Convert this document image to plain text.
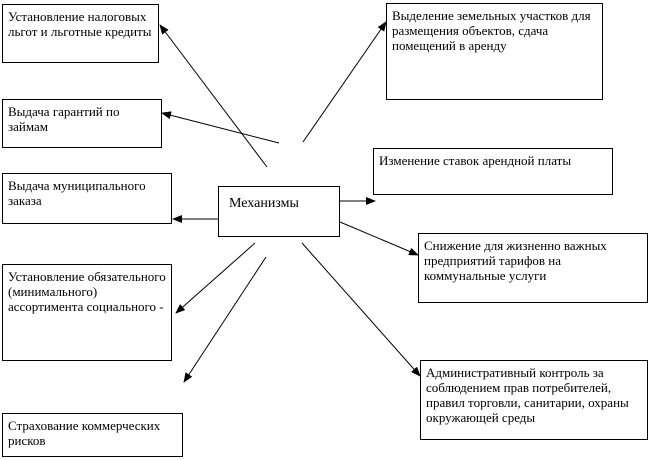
Механизмы
Установление налоговых льгот и льготные кредиты
Выдача гарантий по займам
Выдача муниципального заказа
Установление обязательного (минимального) ассортимента социального -
Страхование коммерческих рисков
Выделение земельных участков для размещения объектов, сдача помещений в аренду
Изменение ставок арендной платы
Снижение для жизненно важных предприятий тарифов на коммунальные услуги
Административный контроль за соблюдением прав потребителей, правил торговли, санитарии, охраны окружающей среды
